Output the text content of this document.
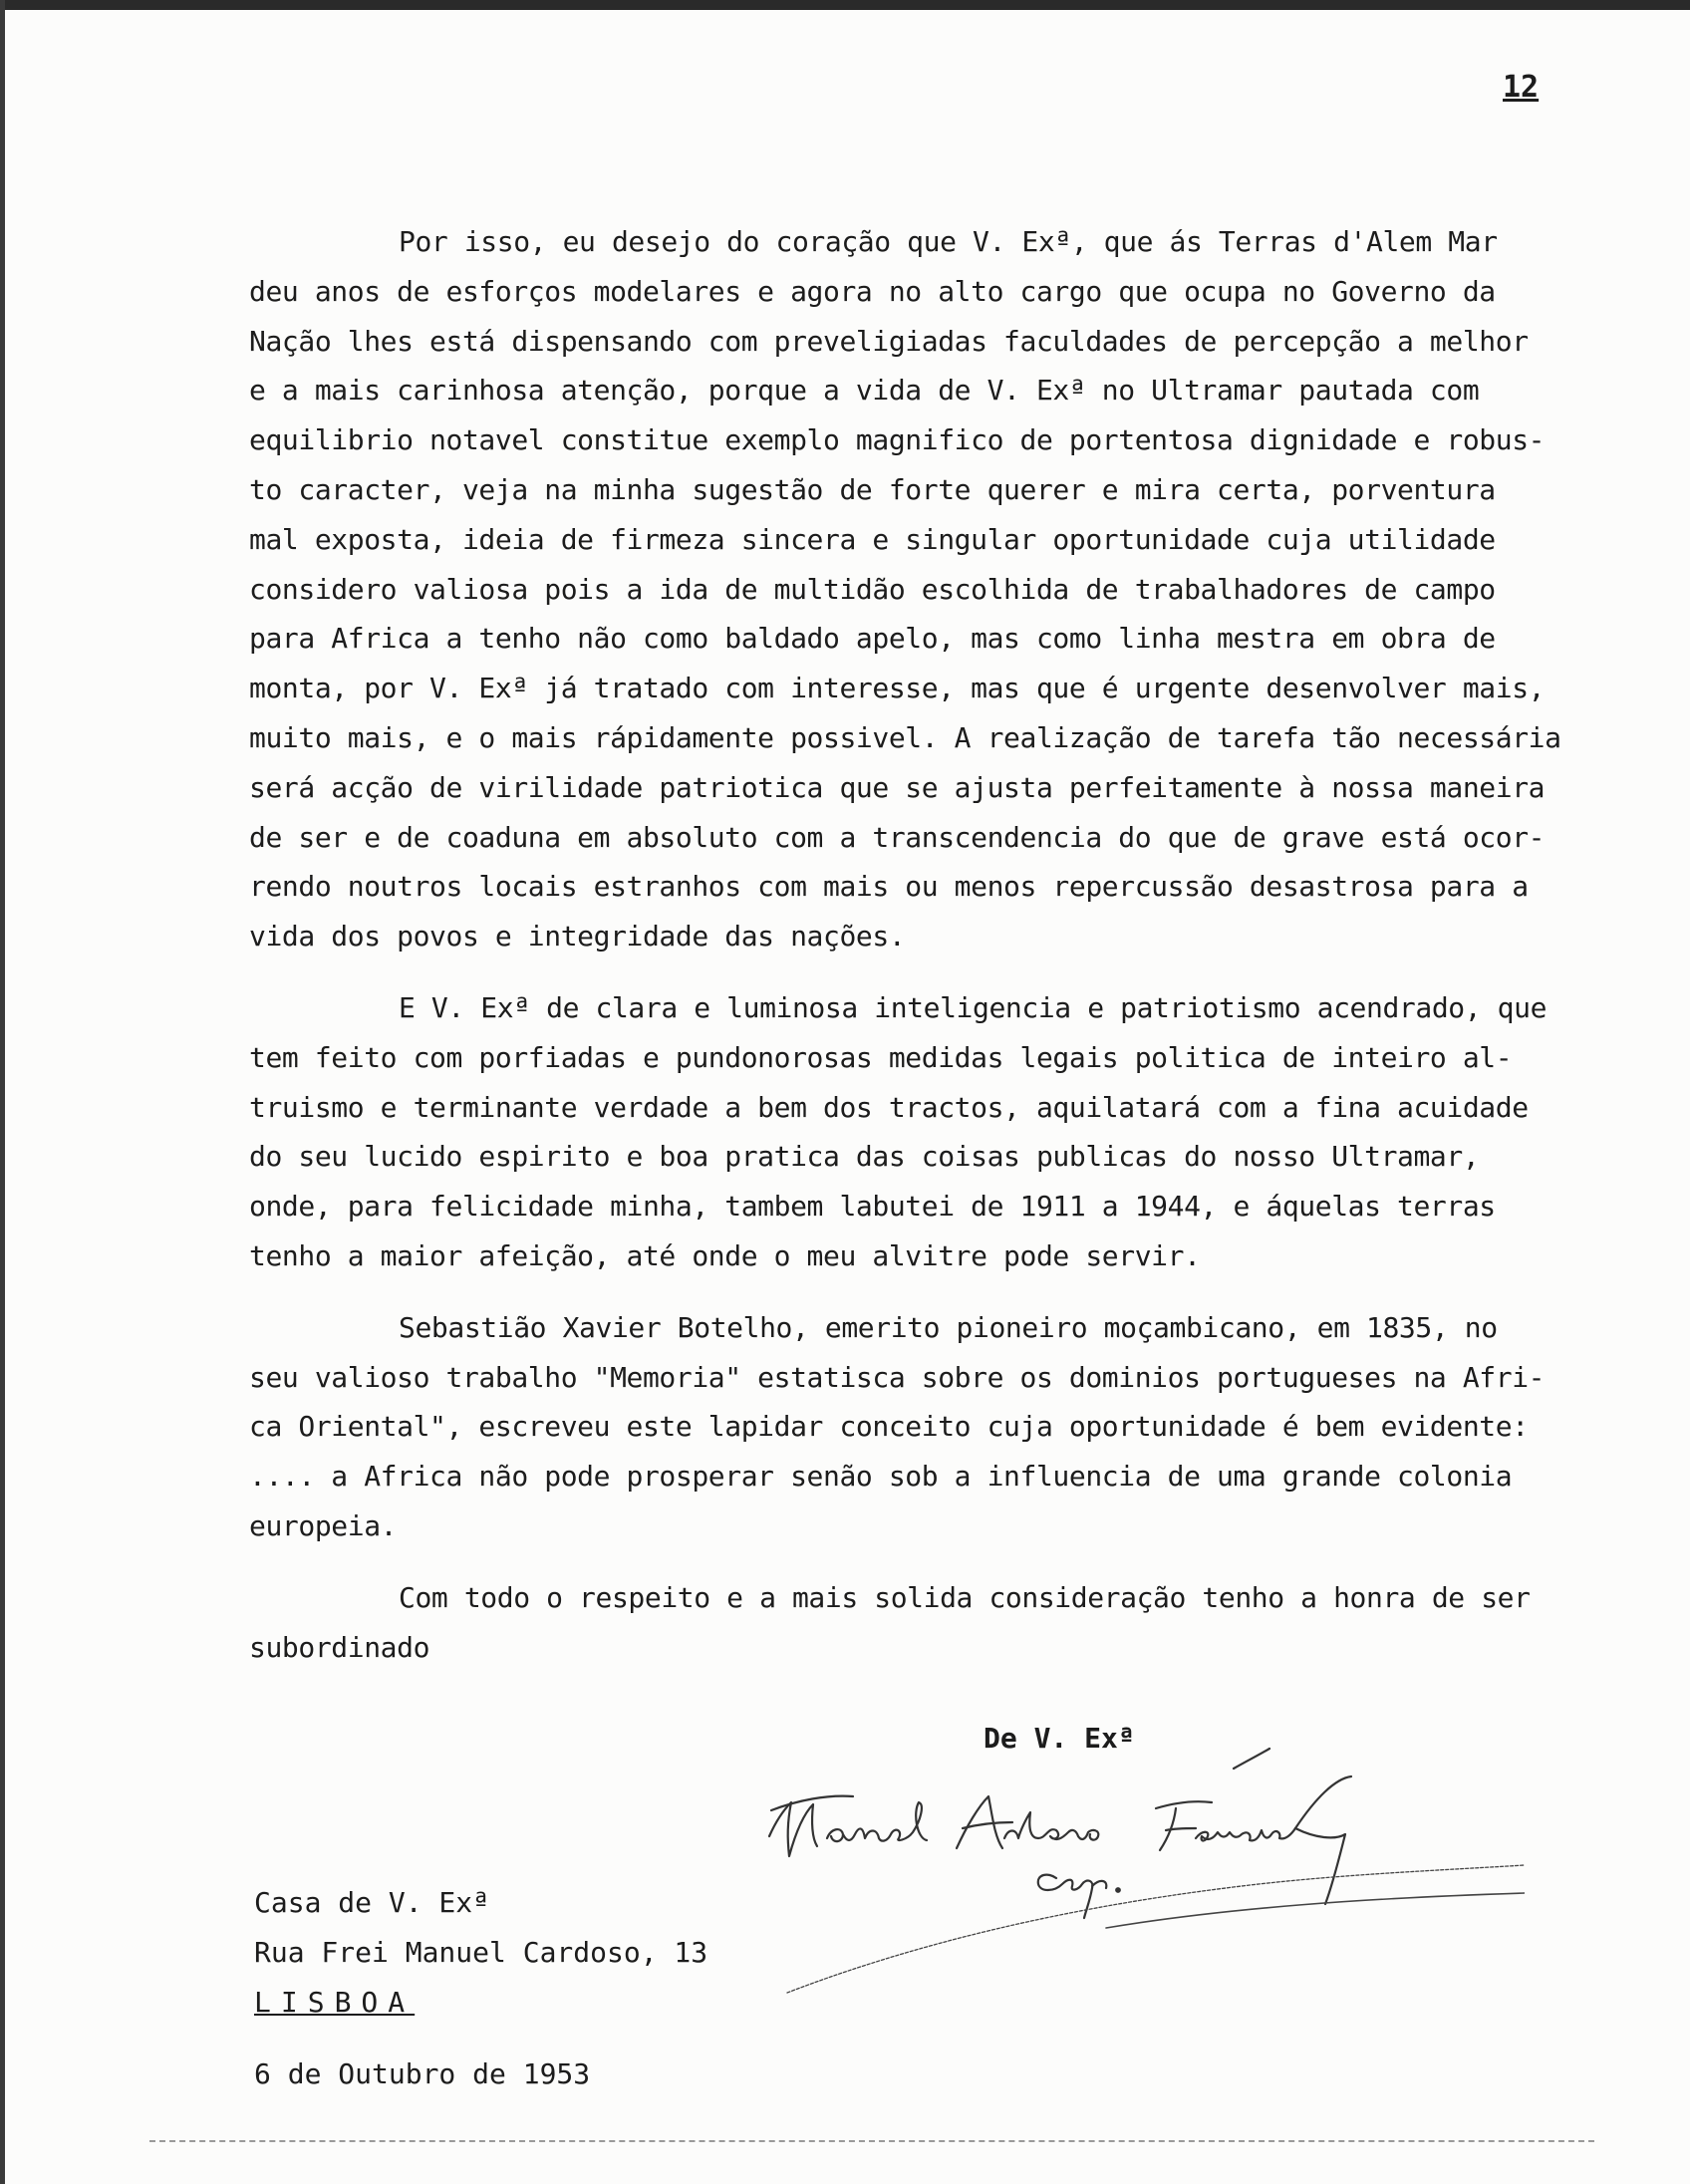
12

Por isso, eu desejo do coração que V. Exª, que ás Terras d'Alem Mar

deu anos de esforços modelares e agora no alto cargo que ocupa no Governo da

Nação lhes está dispensando com preveligiadas faculdades de percepção a melhor

e a mais carinhosa atenção, porque a vida de V. Exª no Ultramar pautada com

equilibrio notavel constitue exemplo magnifico de portentosa dignidade e robus-

to caracter, veja na minha sugestão de forte querer e mira certa, porventura

mal exposta, ideia de firmeza sincera e singular oportunidade cuja utilidade

considero valiosa pois a ida de multidão escolhida de trabalhadores de campo

para Africa a tenho não como baldado apelo, mas como linha mestra em obra de

monta, por V. Exª já tratado com interesse, mas que é urgente desenvolver mais,

muito mais, e o mais rápidamente possivel. A realização de tarefa tão necessária

será acção de virilidade patriotica que se ajusta perfeitamente à nossa maneira

de ser e de coaduna em absoluto com a transcendencia do que de grave está ocor-

rendo noutros locais estranhos com mais ou menos repercussão desastrosa para a

vida dos povos e integridade das nações.

E V. Exª de clara e luminosa inteligencia e patriotismo acendrado, que

tem feito com porfiadas e pundonorosas medidas legais politica de inteiro al-

truismo e terminante verdade a bem dos tractos, aquilatará com a fina acuidade

do seu lucido espirito e boa pratica das coisas publicas do nosso Ultramar,

onde, para felicidade minha, tambem labutei de 1911 a 1944, e áquelas terras

tenho a maior afeição, até onde o meu alvitre pode servir.

Sebastião Xavier Botelho, emerito pioneiro moçambicano, em 1835, no

seu valioso trabalho "Memoria" estatisca sobre os dominios portugueses na Afri-

ca Oriental", escreveu este lapidar conceito cuja oportunidade é bem evidente:

.... a Africa não pode prosperar senão sob a influencia de uma grande colonia

europeia.

Com todo o respeito e a mais solida consideração tenho a honra de ser

subordinado

De V. Exª
Casa de V. Exª
Rua Frei Manuel Cardoso, 13
LISBOA
6 de Outubro de 1953
